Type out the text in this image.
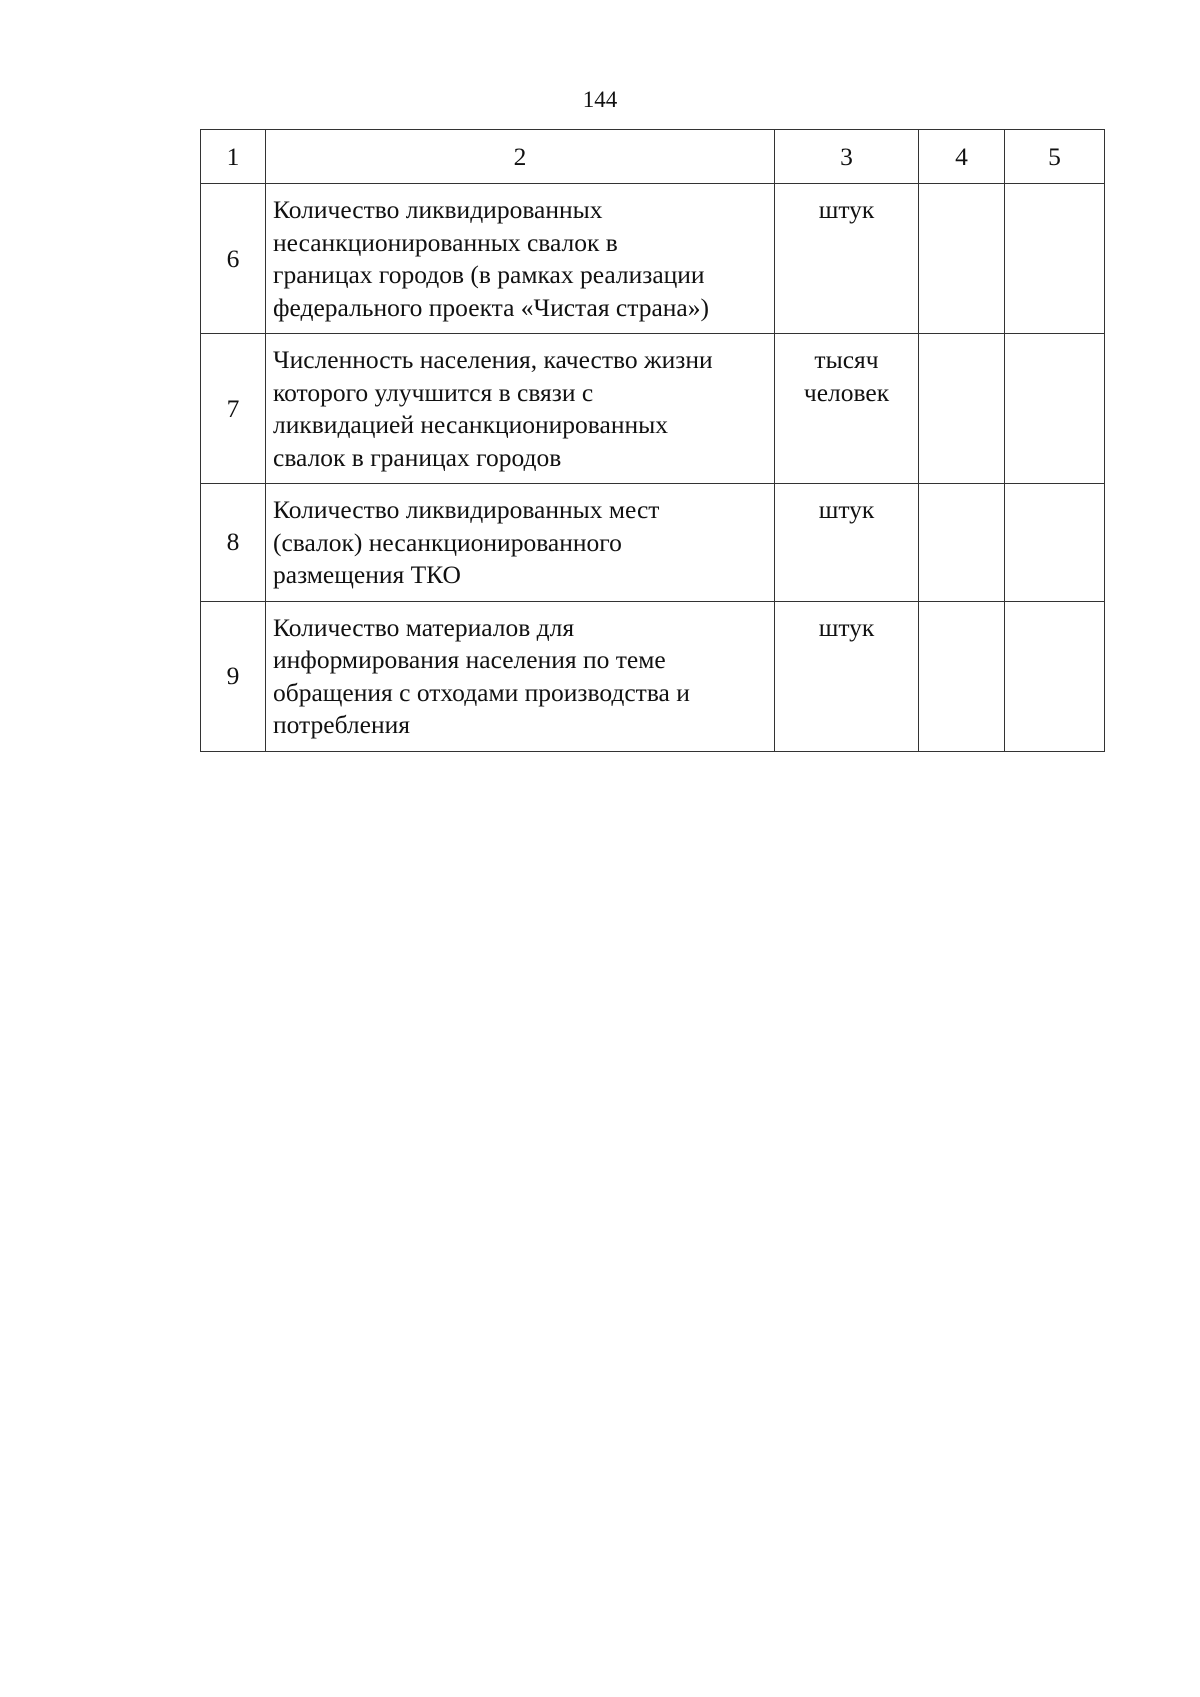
144
1	2	3	4	5
6	Количество ликвидированных
несанкционированных свалок в
границах городов (в рамках реализации
федерального проекта «Чистая страна»)	штук		

7	Численность населения, качество жизни
которого улучшится в связи с
ликвидацией несанкционированных
свалок в границах городов	тысяч
человек		

8	Количество ликвидированных мест
(свалок) несанкционированного
размещения ТКО	штук		

9	Количество материалов для
информирования населения по теме
обращения с отходами производства и
потребления	штук		
